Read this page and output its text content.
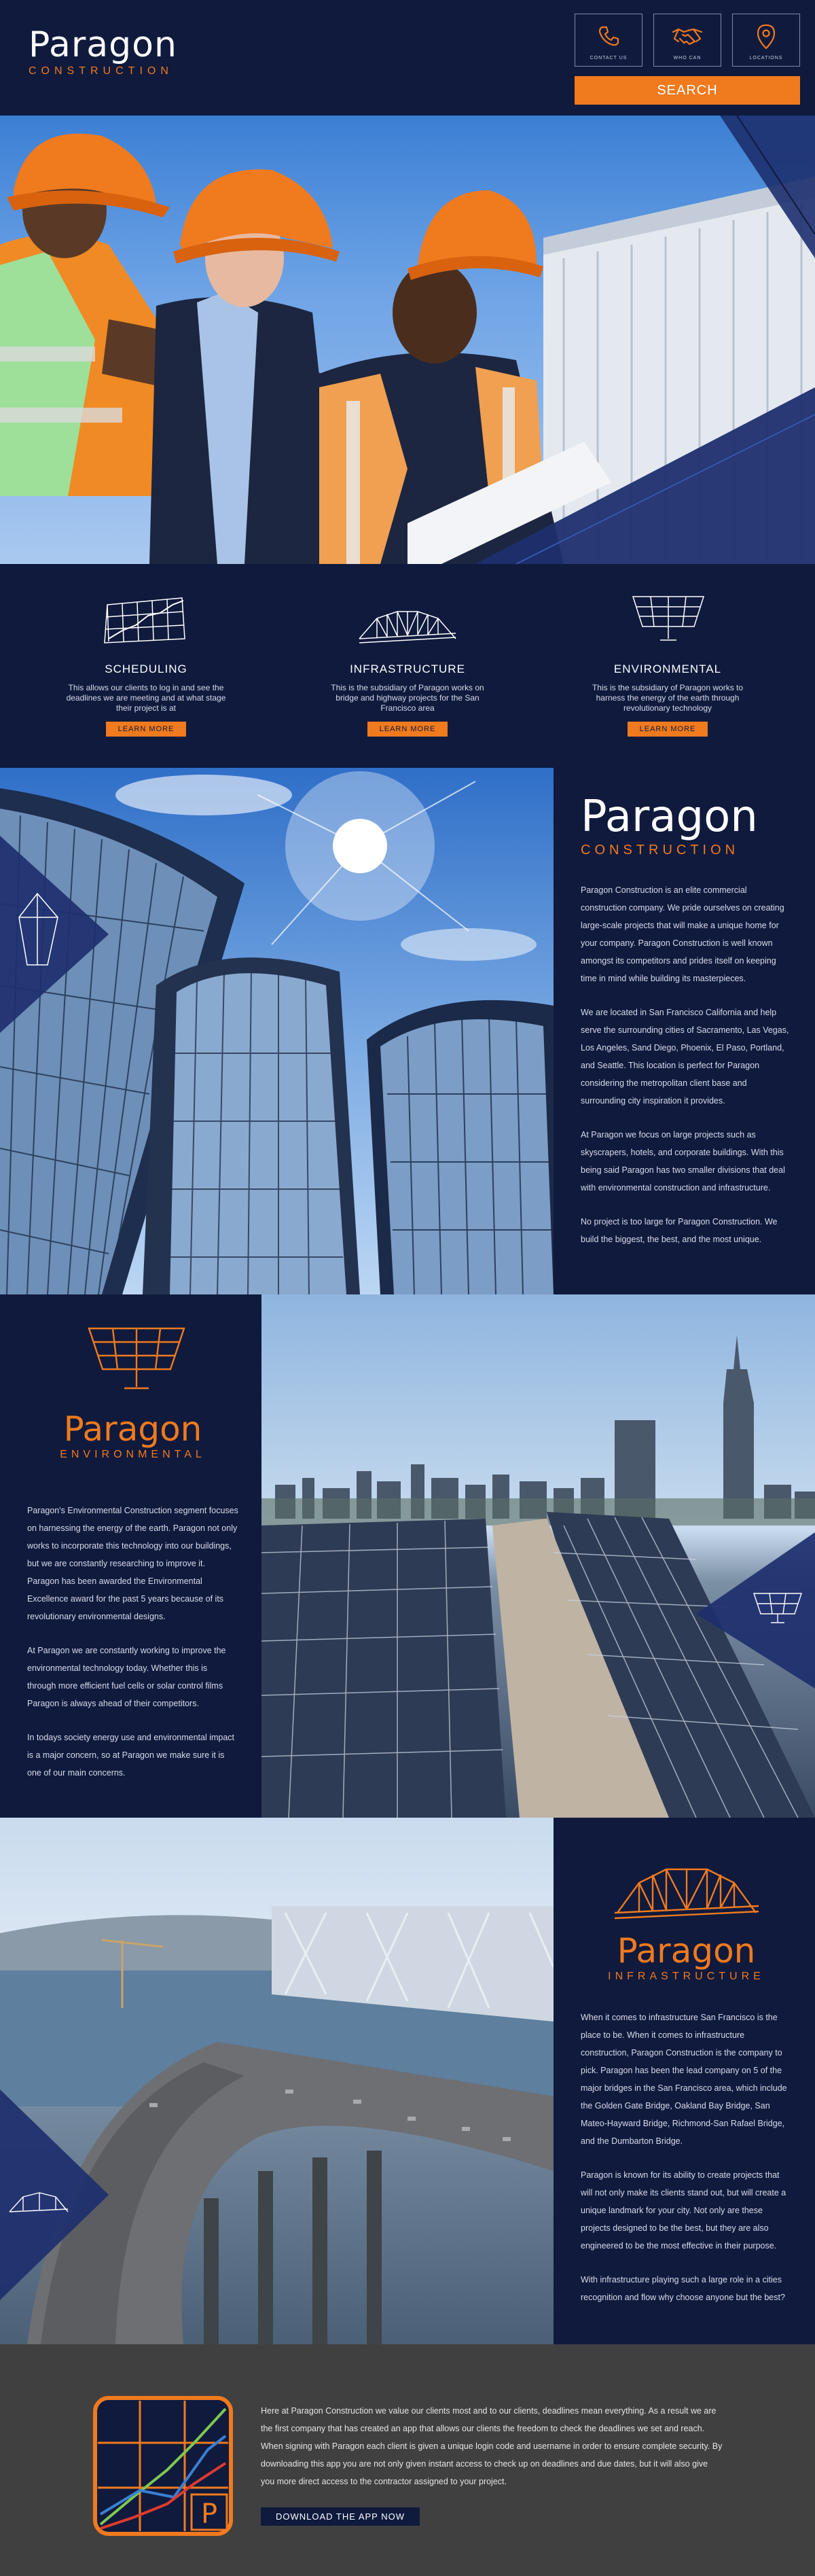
Paragon
CONSTRUCTION
CONTACT US	WHO CAN	LOCATIONS
SEARCH
SCHEDULING

This allows our clients to log in and see the deadlines we are meeting and at what stage their project is at

LEARN MORE
INFRASTRUCTURE

This is the subsidiary of Paragon works on bridge and highway projects for the San Francisco area

LEARN MORE
ENVIRONMENTAL

This is the subsidiary of Paragon works to harness the energy of the earth through revolutionary technology

LEARN MORE
Paragon
CONSTRUCTION

Paragon Construction is an elite commercial construction company. We pride ourselves on creating large-scale projects that will make a unique home for your company. Paragon Construction is well known amongst its competitors and prides itself on keeping time in mind while building its masterpieces.

We are located in San Francisco California and help serve the surrounding cities of Sacramento, Las Vegas, Los Angeles, Sand Diego, Phoenix, El Paso, Portland, and Seattle. This location is perfect for Paragon considering the metropolitan client base and surrounding city inspiration it provides.

At Paragon we focus on large projects such as skyscrapers, hotels, and corporate buildings. With this being said Paragon has two smaller divisions that deal with environmental construction and infrastructure.

No project is too large for Paragon Construction. We build the biggest, the best, and the most unique.

Paragon
ENVIRONMENTAL

Paragon's Environmental Construction segment focuses on harnessing the energy of the earth. Paragon not only works to incorporate this technology into our buildings, but we are constantly researching to improve it. Paragon has been awarded the Environmental Excellence award for the past 5 years because of its revolutionary environmental designs.

At Paragon we are constantly working to improve the environmental technology today. Whether this is through more efficient fuel cells or solar control films Paragon is always ahead of their competitors.

In todays society energy use and environmental impact is a major concern, so at Paragon we make sure it is one of our main concerns.

Paragon
INFRASTRUCTURE

When it comes to infrastructure San Francisco is the place to be. When it comes to infrastructure construction, Paragon Construction is the company to pick. Paragon has been the lead company on 5 of the major bridges in the San Francisco area, which include the Golden Gate Bridge, Oakland Bay Bridge, San Mateo-Hayward Bridge, Richmond-San Rafael Bridge, and the Dumbarton Bridge.

Paragon is known for its ability to create projects that will not only make its clients stand out, but will create a unique landmark for your city. Not only are these projects designed to be the best, but they are also engineered to be the most effective in their purpose.

With infrastructure playing such a large role in a cities recognition and flow why choose anyone but the best?

P

Here at Paragon Construction we value our clients most and to our clients, deadlines mean everything. As a result we are the first company that has created an app that allows our clients the freedom to check the deadlines we set and reach. When signing with Paragon each client is given a unique login code and username in order to ensure complete security. By downloading this app you are not only given instant access to check up on deadlines and due dates, but it will also give you more direct access to the contractor assigned to your project.

DOWNLOAD THE APP NOW
